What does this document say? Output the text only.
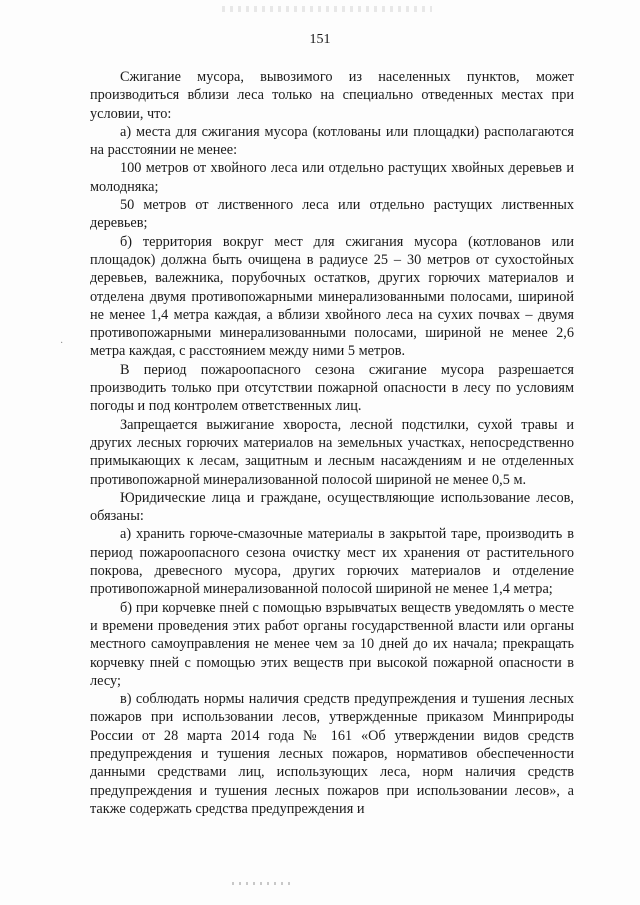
151
·

Сжигание мусора, вывозимого из населенных пунктов, может производиться вблизи леса только на специально отведенных местах при условии, что:

а) места для сжигания мусора (котлованы или площадки) располагаются на расстоянии не менее:

100 метров от хвойного леса или отдельно растущих хвойных деревьев и молодняка;

50 метров от лиственного леса или отдельно растущих лиственных деревьев;

б) территория вокруг мест для сжигания мусора (котлованов или площадок) должна быть очищена в радиусе 25 – 30 метров от сухостойных деревьев, валежника, порубочных остатков, других горючих материалов и отделена двумя противопожарными минерализованными полосами, шириной не менее 1,4 метра каждая, а вблизи хвойного леса на сухих почвах – двумя противопожарными минерализованными полосами, шириной не менее 2,6 метра каждая, с расстоянием между ними 5 метров.

В период пожароопасного сезона сжигание мусора разрешается производить только при отсутствии пожарной опасности в лесу по условиям погоды и под контролем ответственных лиц.

Запрещается выжигание хвороста, лесной подстилки, сухой травы и других лесных горючих материалов на земельных участках, непосредственно примыкающих к лесам, защитным и лесным насаждениям и не отделенных противопожарной минерализованной полосой шириной не менее 0,5 м.

Юридические лица и граждане, осуществляющие использование лесов, обязаны:

а) хранить горюче-смазочные материалы в закрытой таре, производить в период пожароопасного сезона очистку мест их хранения от растительного покрова, древесного мусора, других горючих материалов и отделение противопожарной минерализованной полосой шириной не менее 1,4 метра;

б) при корчевке пней с помощью взрывчатых веществ уведомлять о месте и времени проведения этих работ органы государственной власти или органы местного самоуправления не менее чем за 10 дней до их начала; прекращать корчевку пней с помощью этих веществ при высокой пожарной опасности в лесу;

в) соблюдать нормы наличия средств предупреждения и тушения лесных пожаров при использовании лесов, утвержденные приказом Минприроды России от 28 марта 2014 года № 161 «Об утверждении видов средств предупреждения и тушения лесных пожаров, нормативов обеспеченности данными средствами лиц, использующих леса, норм наличия средств предупреждения и тушения лесных пожаров при использовании лесов», а также содержать средства предупреждения и
